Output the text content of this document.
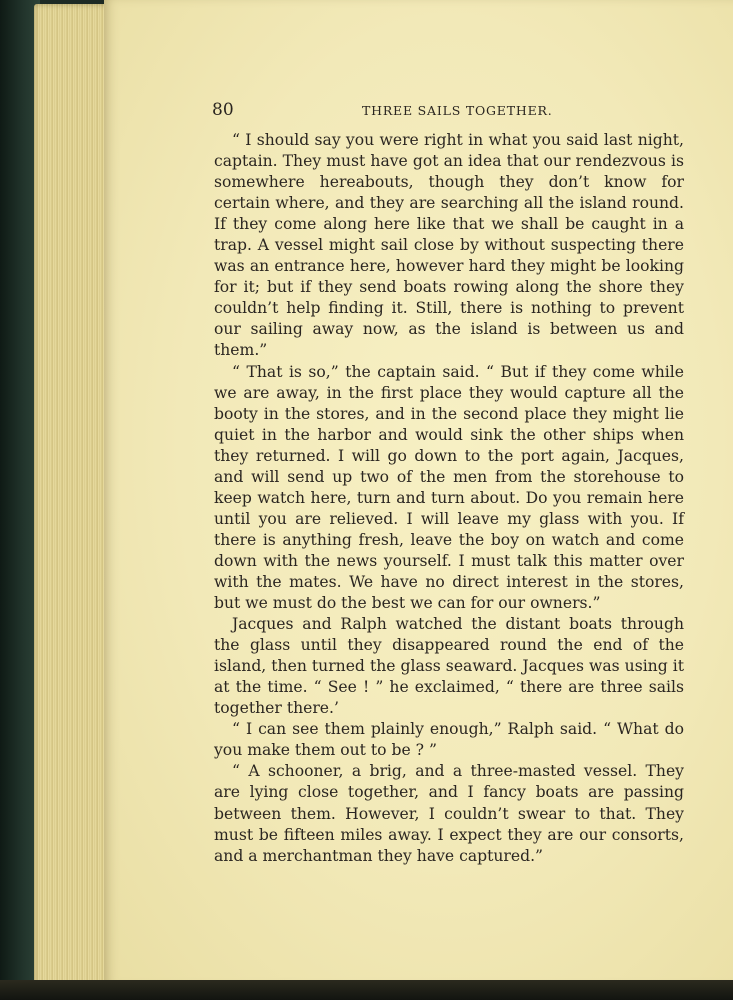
80	THREE SAILS TOGETHER.

“ I should say you were right in what you said last night, captain. They must have got an idea that our rendezvous is somewhere hereabouts, though they don’t know for certain where, and they are searching all the island round. If they come along here like that we shall be caught in a trap. A vessel might sail close by without suspecting there was an entrance here, however hard they might be looking for it; but if they send boats rowing along the shore they couldn’t help finding it. Still, there is nothing to prevent our sailing away now, as the island is between us and them.”

“ That is so,” the captain said. “ But if they come while we are away, in the first place they would capture all the booty in the stores, and in the second place they might lie quiet in the harbor and would sink the other ships when they returned. I will go down to the port again, Jacques, and will send up two of the men from the storehouse to keep watch here, turn and turn about. Do you remain here until you are relieved. I will leave my glass with you. If there is anything fresh, leave the boy on watch and come down with the news yourself. I must talk this matter over with the mates. We have no direct interest in the stores, but we must do the best we can for our owners.”

Jacques and Ralph watched the distant boats through the glass until they disappeared round the end of the island, then turned the glass seaward. Jacques was using it at the time. “ See ! ” he exclaimed, “ there are three sails together there.’

“ I can see them plainly enough,” Ralph said. “ What do you make them out to be ? ”

“ A schooner, a brig, and a three-masted vessel. They are lying close together, and I fancy boats are passing between them. However, I couldn’t swear to that. They must be fifteen miles away. I expect they are our consorts, and a merchantman they have captured.”
